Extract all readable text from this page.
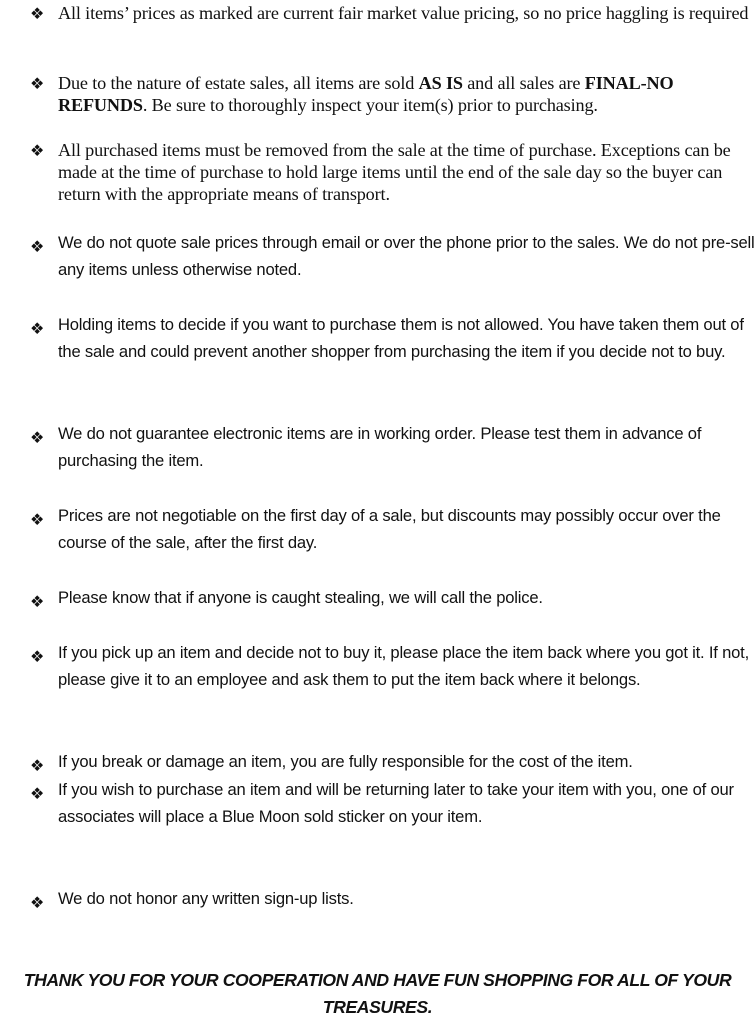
❖ All items’ prices as marked are current fair market value pricing, so no price haggling is required

❖ Due to the nature of estate sales, all items are sold AS IS and all sales are FINAL-NO REFUNDS. Be sure to thoroughly inspect your item(s) prior to purchasing.

❖ All purchased items must be removed from the sale at the time of purchase. Exceptions can be made at the time of purchase to hold large items until the end of the sale day so the buyer can return with the appropriate means of transport.

❖ We do not quote sale prices through email or over the phone prior to the sales. We do not pre-sell any items unless otherwise noted.

❖ Holding items to decide if you want to purchase them is not allowed. You have taken them out of the sale and could prevent another shopper from purchasing the item if you decide not to buy.

❖ We do not guarantee electronic items are in working order. Please test them in advance of purchasing the item.

❖ Prices are not negotiable on the first day of a sale, but discounts may possibly occur over the course of the sale, after the first day.

❖ Please know that if anyone is caught stealing, we will call the police.

❖ If you pick up an item and decide not to buy it, please place the item back where you got it. If not, please give it to an employee and ask them to put the item back where it belongs.

❖ If you break or damage an item, you are fully responsible for the cost of the item.

❖ If you wish to purchase an item and will be returning later to take your item with you, one of our associates will place a Blue Moon sold sticker on your item.

❖ We do not honor any written sign-up lists.

THANK YOU FOR YOUR COOPERATION AND HAVE FUN SHOPPING FOR ALL OF YOUR TREASURES.
